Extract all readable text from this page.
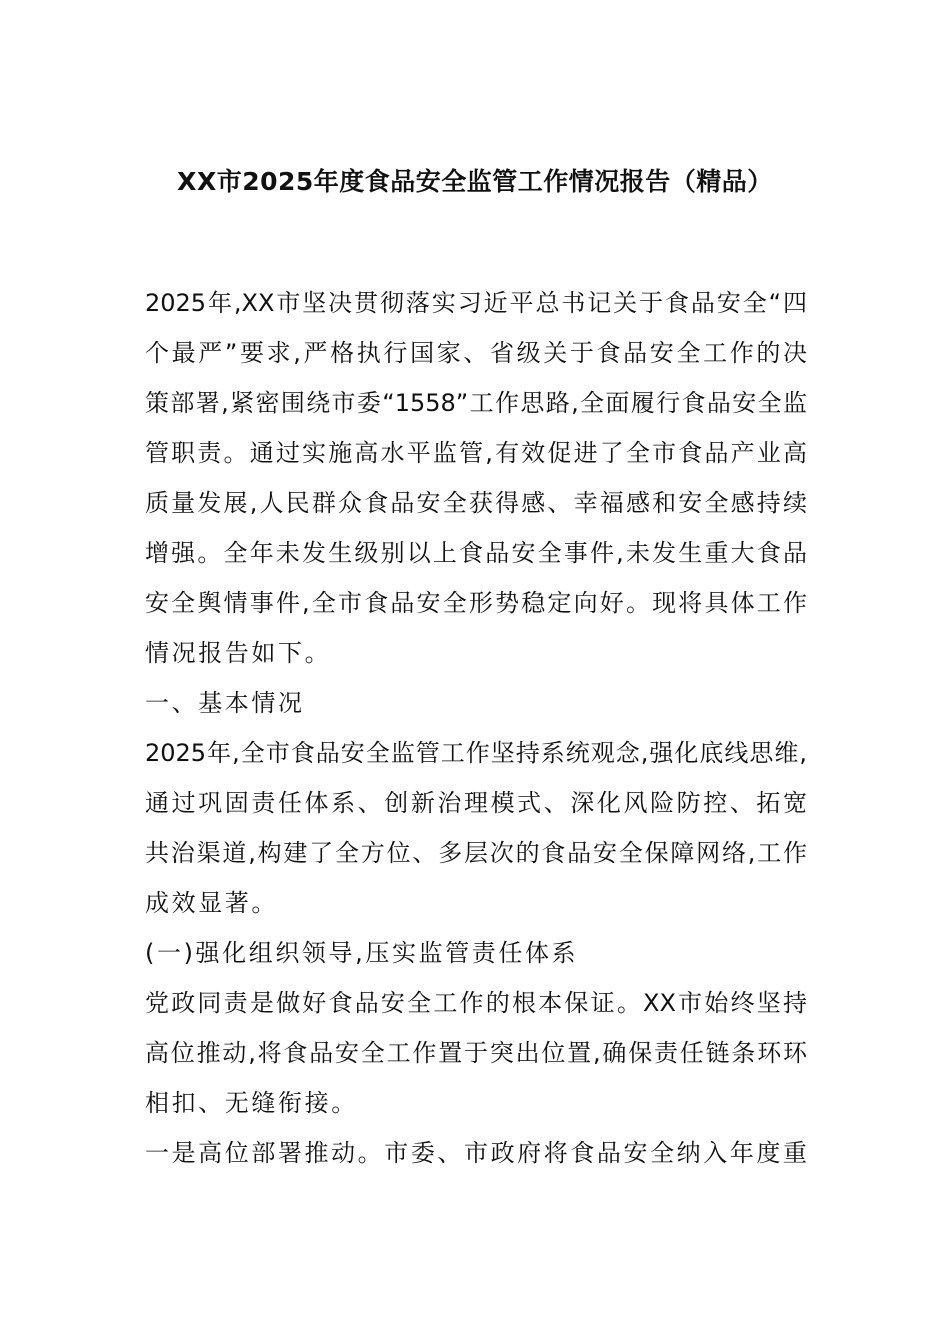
XX市2025年度食品安全监管工作情况报告（精品）
2025年,XX市坚决贯彻落实习近平总书记关于食品安全“四
个最严”要求,严格执行国家、省级关于食品安全工作的决
策部署,紧密围绕市委“1558”工作思路,全面履行食品安全监
管职责。通过实施高水平监管,有效促进了全市食品产业高
质量发展,人民群众食品安全获得感、幸福感和安全感持续
增强。全年未发生级别以上食品安全事件,未发生重大食品
安全舆情事件,全市食品安全形势稳定向好。现将具体工作
情况报告如下。
一、基本情况
2025年,全市食品安全监管工作坚持系统观念,强化底线思维,
通过巩固责任体系、创新治理模式、深化风险防控、拓宽
共治渠道,构建了全方位、多层次的食品安全保障网络,工作
成效显著。
(一)强化组织领导,压实监管责任体系
党政同责是做好食品安全工作的根本保证。XX市始终坚持
高位推动,将食品安全工作置于突出位置,确保责任链条环环
相扣、无缝衔接。
一是高位部署推动。市委、市政府将食品安全纳入年度重
